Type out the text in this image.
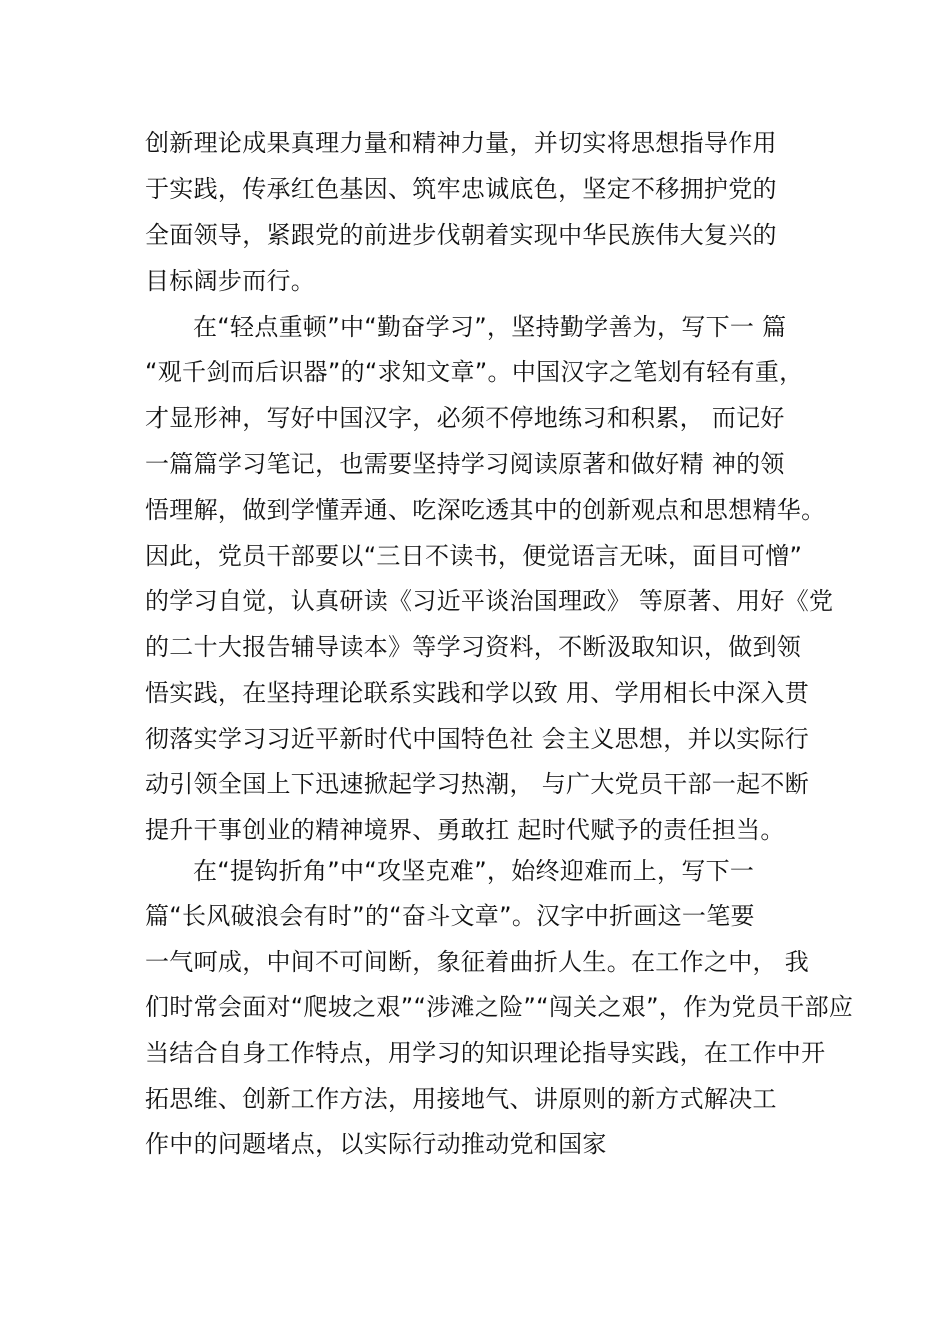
创新理论成果真理力量和精神力量，并切实将思想指导作用
于实践，传承红色基因、筑牢忠诚底色，坚定不移拥护党的
全面领导，紧跟党的前进步伐朝着实现中华民族伟大复兴的
目标阔步而行。
在“轻点重顿”中“勤奋学习”，坚持勤学善为，写下一 篇
“观千剑而后识器”的“求知文章”。中国汉字之笔划有轻有重，
才显形神，写好中国汉字，必须不停地练习和积累， 而记好
一篇篇学习笔记，也需要坚持学习阅读原著和做好精 神的领
悟理解，做到学懂弄通、吃深吃透其中的创新观点和思想精华。
因此，党员干部要以“三日不读书，便觉语言无味，面目可憎”
的学习自觉，认真研读《习近平谈治国理政》 等原著、用好《党
的二十大报告辅导读本》等学习资料，不断汲取知识，做到领
悟实践，在坚持理论联系实践和学以致 用、学用相长中深入贯
彻落实学习习近平新时代中国特色社 会主义思想，并以实际行
动引领全国上下迅速掀起学习热潮， 与广大党员干部一起不断
提升干事创业的精神境界、勇敢扛 起时代赋予的责任担当。
在“提钩折角”中“攻坚克难”，始终迎难而上，写下一
篇“长风破浪会有时”的“奋斗文章”。汉字中折画这一笔要
一气呵成，中间不可间断，象征着曲折人生。在工作之中， 我
们时常会面对“爬坡之艰”“涉滩之险”“闯关之艰”，作为党员干部应
当结合自身工作特点，用学习的知识理论指导实践，在工作中开
拓思维、创新工作方法，用接地气、讲原则的新方式解决工
作中的问题堵点，以实际行动推动党和国家
